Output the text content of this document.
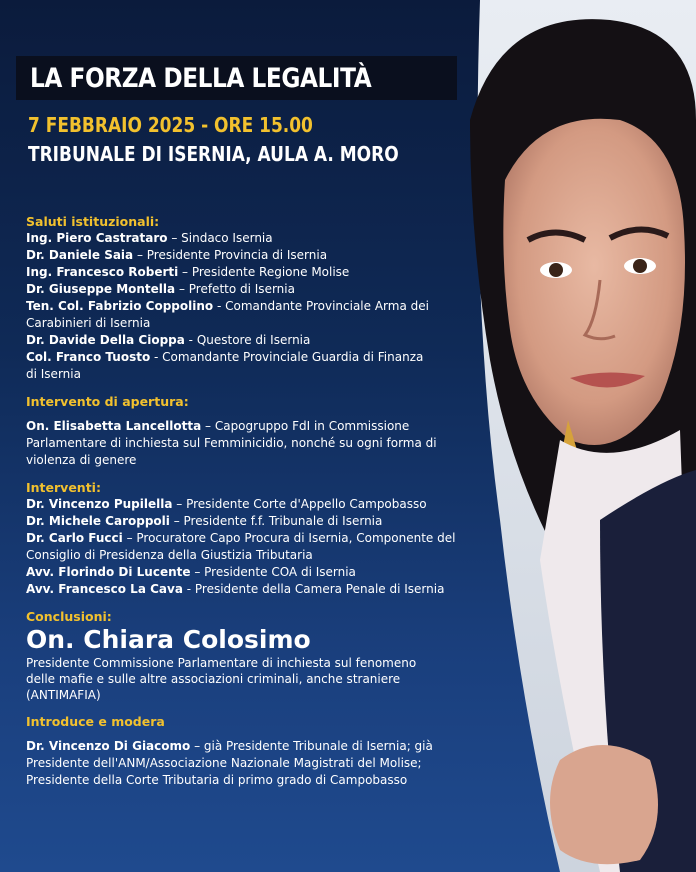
LA FORZA DELLA LEGALITÀ
7 FEBBRAIO 2025 - ORE 15.00
TRIBUNALE DI ISERNIA, AULA A. MORO

Saluti istituzionali:

Ing. Piero Castrataro – Sindaco Isernia

Dr. Daniele Saia – Presidente Provincia di Isernia

Ing. Francesco Roberti – Presidente Regione Molise

Dr. Giuseppe Montella – Prefetto di Isernia

Ten. Col. Fabrizio Coppolino - Comandante Provinciale Arma dei Carabinieri di Isernia

Dr. Davide Della Cioppa - Questore di Isernia

Col. Franco Tuosto - Comandante Provinciale Guardia di Finanza di Isernia

Intervento di apertura:

On. Elisabetta Lancellotta – Capogruppo FdI in Commissione Parlamentare di inchiesta sul Femminicidio, nonché su ogni forma di violenza di genere

Interventi:

Dr. Vincenzo Pupilella – Presidente Corte d'Appello Campobasso

Dr. Michele Caroppoli – Presidente f.f. Tribunale di Isernia

Dr. Carlo Fucci – Procuratore Capo Procura di Isernia, Componente del Consiglio di Presidenza della Giustizia Tributaria

Avv. Florindo Di Lucente – Presidente COA di Isernia

Avv. Francesco La Cava - Presidente della Camera Penale di Isernia

Conclusioni:

On. Chiara Colosimo

Presidente Commissione Parlamentare di inchiesta sul fenomeno delle mafie e sulle altre associazioni criminali, anche straniere (ANTIMAFIA)

Introduce e modera

Dr. Vincenzo Di Giacomo – già Presidente Tribunale di Isernia; già Presidente dell'ANM/Associazione Nazionale Magistrati del Molise; Presidente della Corte Tributaria di primo grado di Campobasso
